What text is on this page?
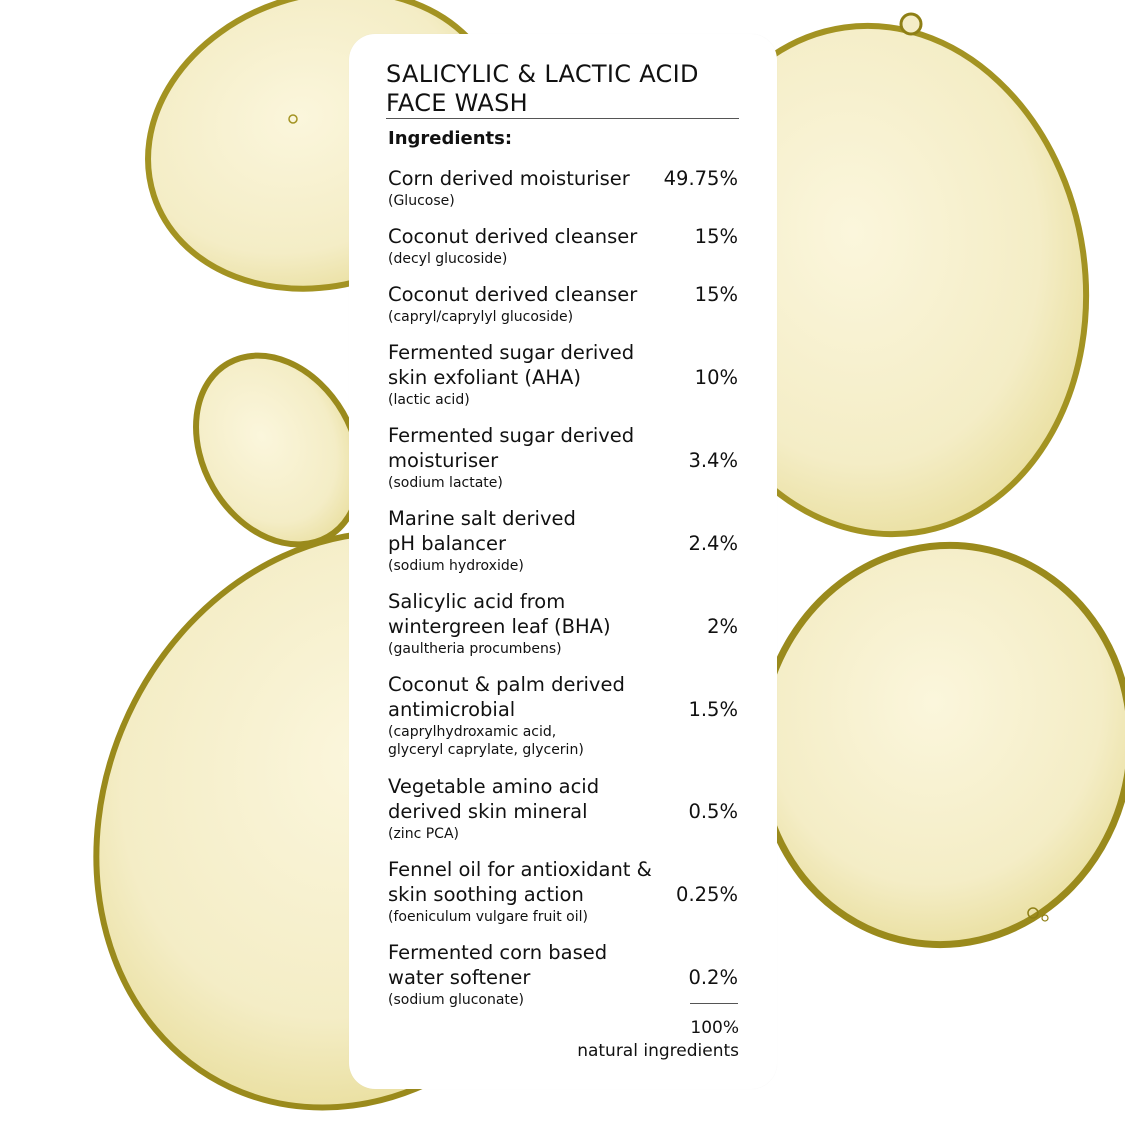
SALICYLIC & LACTIC ACID FACE WASH
Ingredients:
Corn derived moisturiser
(Glucose)
49.75%
Coconut derived cleanser
(decyl glucoside)
15%
Coconut derived cleanser
(capryl/caprylyl glucoside)
15%
Fermented sugar derived
skin exfoliant (AHA)
(lactic acid)
10%
Fermented sugar derived
moisturiser
(sodium lactate)
3.4%
Marine salt derived
pH balancer
(sodium hydroxide)
2.4%
Salicylic acid from
wintergreen leaf (BHA)
(gaultheria procumbens)
2%
Coconut & palm derived
antimicrobial
(caprylhydroxamic acid,
glyceryl caprylate, glycerin)
1.5%
Vegetable amino acid
derived skin mineral
(zinc PCA)
0.5%
Fennel oil for antioxidant &
skin soothing action
(foeniculum vulgare fruit oil)
0.25%
Fermented corn based
water softener
(sodium gluconate)
0.2%
100%
natural ingredients
